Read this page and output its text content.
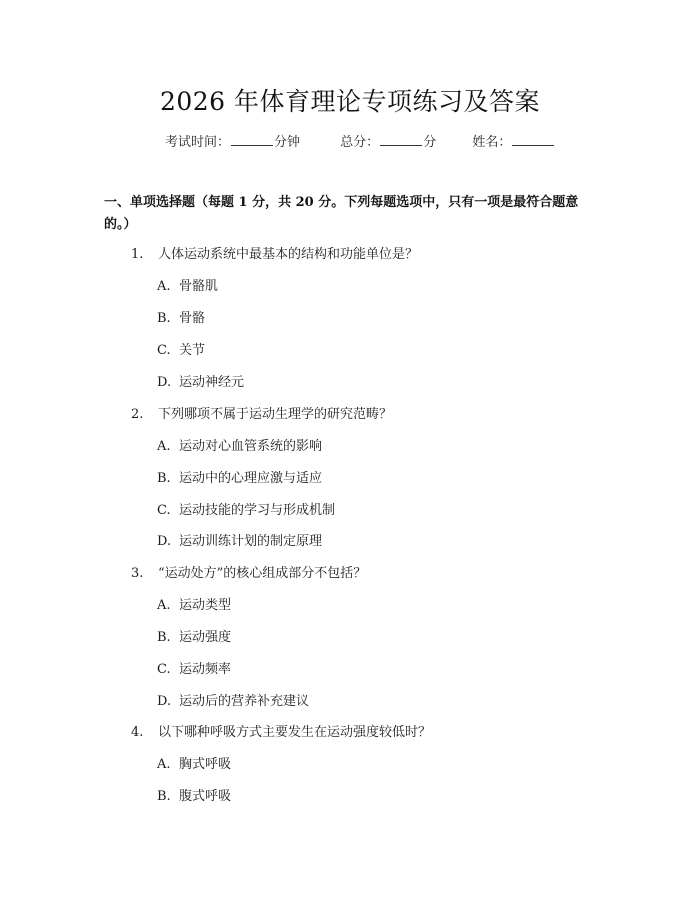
2026 年体育理论专项练习及答案
考试时间：	分钟	总分：	分	姓名：
一、单项选择题（每题 1 分，共 20 分。下列每题选项中，只有一项是最符合题意的。）
1. 人体运动系统中最基本的结构和功能单位是？
A. 骨骼肌
B. 骨骼
C. 关节
D. 运动神经元
2. 下列哪项不属于运动生理学的研究范畴？
A. 运动对心血管系统的影响
B. 运动中的心理应激与适应
C. 运动技能的学习与形成机制
D. 运动训练计划的制定原理
3. “运动处方”的核心组成部分不包括？
A. 运动类型
B. 运动强度
C. 运动频率
D. 运动后的营养补充建议
4. 以下哪种呼吸方式主要发生在运动强度较低时？
A. 胸式呼吸
B. 腹式呼吸
